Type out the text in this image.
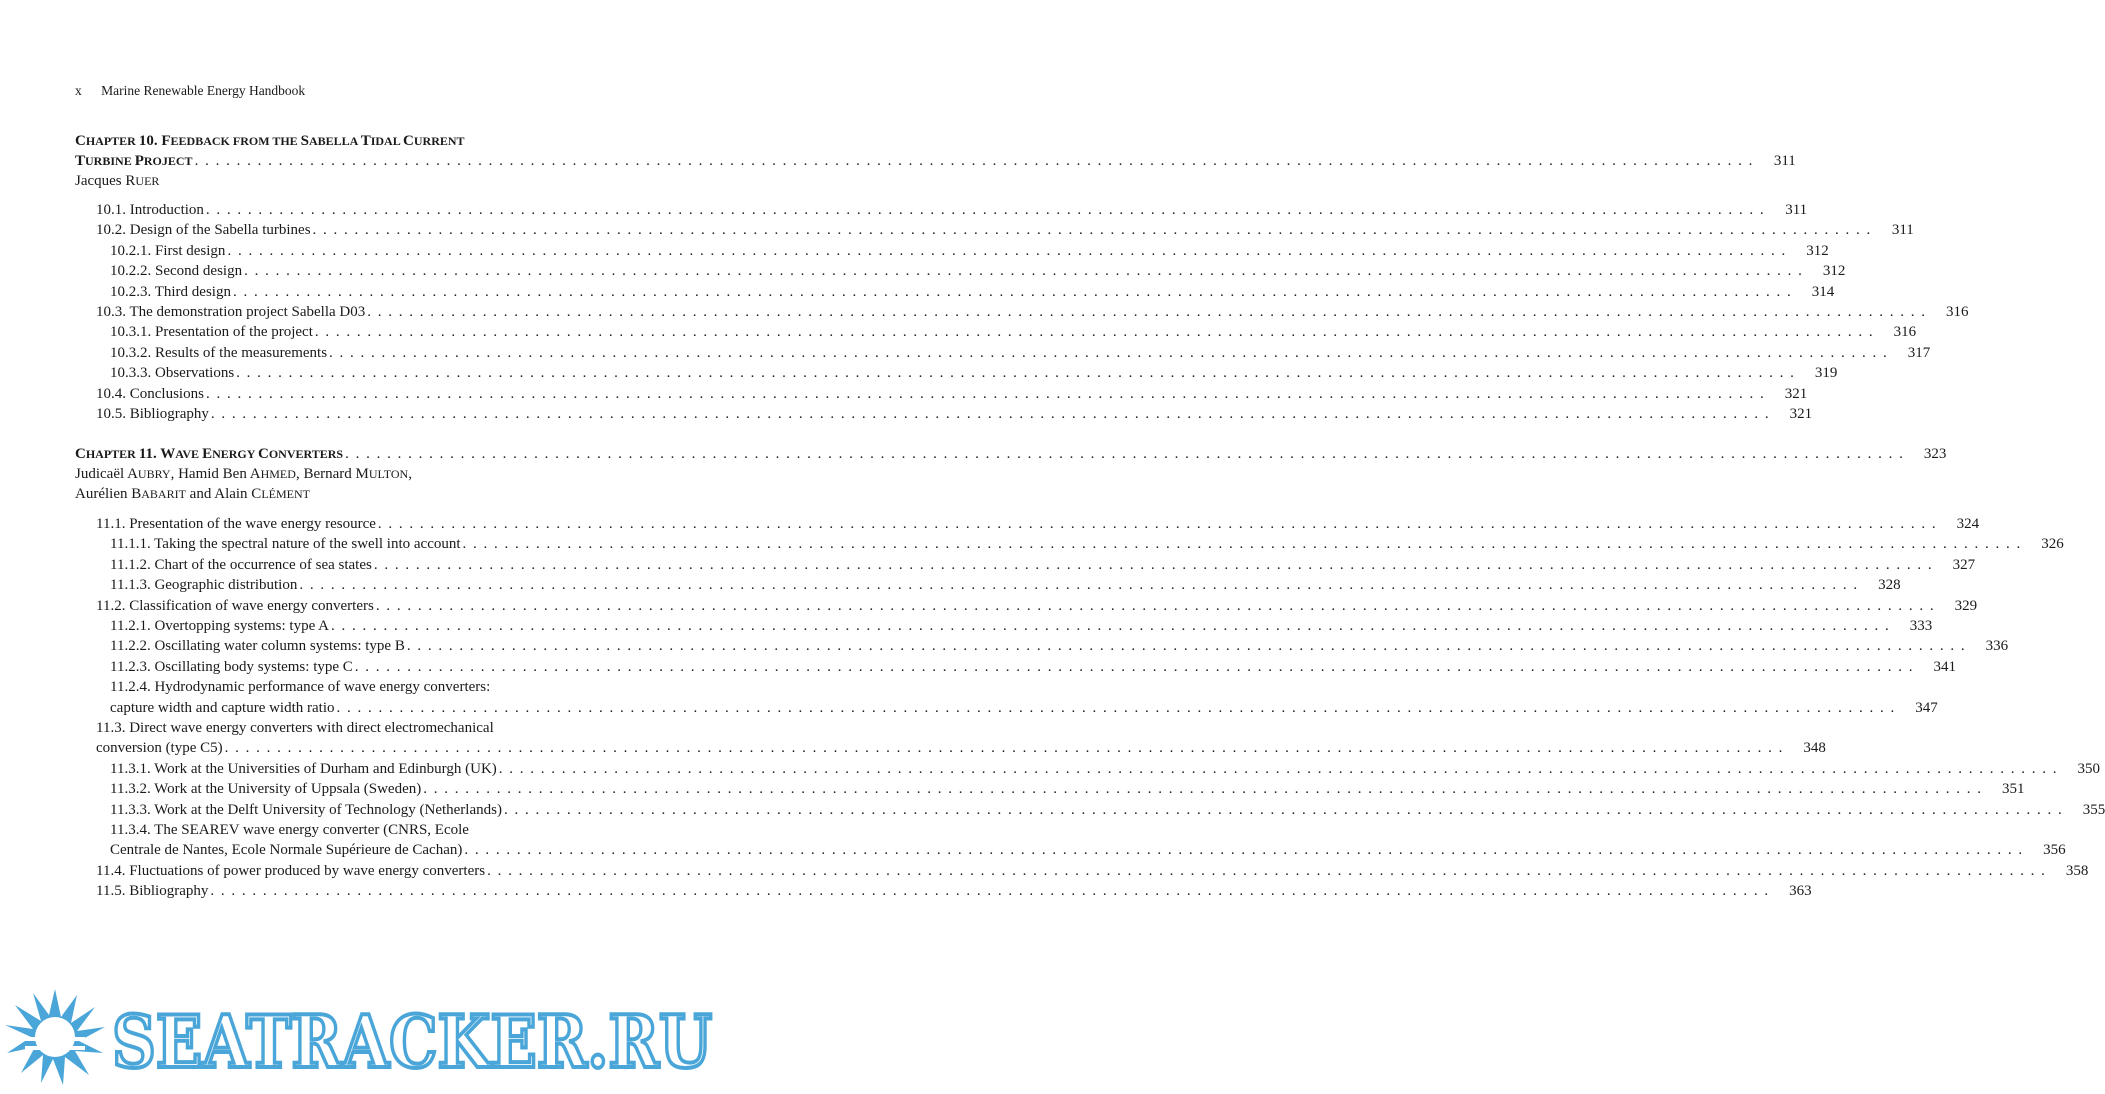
x Marine Renewable Energy Handbook
CHAPTER 10. FEEDBACK FROM THE SABELLA TIDAL CURRENT
TURBINE PROJECT . . .	311
Jacques RUER
10.1. Introduction . . .	311
10.2. Design of the Sabella turbines . . .	311
10.2.1. First design . . .	312
10.2.2. Second design . . .	312
10.2.3. Third design . . .	314
10.3. The demonstration project Sabella D03 . . .	316
10.3.1. Presentation of the project . . .	316
10.3.2. Results of the measurements . . .	317
10.3.3. Observations . . .	319
10.4. Conclusions . . .	321
10.5. Bibliography . . .	321
CHAPTER 11. WAVE ENERGY CONVERTERS . . .	323
Judicaël AUBRY, Hamid Ben AHMED, Bernard MULTON,
Aurélien BABARIT and Alain CLÉMENT
11.1. Presentation of the wave energy resource . . .	324
11.1.1. Taking the spectral nature of the swell into account . . .	326
11.1.2. Chart of the occurrence of sea states . . .	327
11.1.3. Geographic distribution . . .	328
11.2. Classification of wave energy converters . . .	329
11.2.1. Overtopping systems: type A . . .	333
11.2.2. Oscillating water column systems: type B . . .	336
11.2.3. Oscillating body systems: type C . . .	341
11.2.4. Hydrodynamic performance of wave energy converters:
capture width and capture width ratio . . .	347
11.3. Direct wave energy converters with direct electromechanical
conversion (type C5) . . .	348
11.3.1. Work at the Universities of Durham and Edinburgh (UK) . . .	350
11.3.2. Work at the University of Uppsala (Sweden) . . .	351
11.3.3. Work at the Delft University of Technology (Netherlands) . . .	355
11.3.4. The SEAREV wave energy converter (CNRS, Ecole
Centrale de Nantes, Ecole Normale Supérieure de Cachan) . . .	356
11.4. Fluctuations of power produced by wave energy converters . . .	358
11.5. Bibliography . . .	363
SEATRACKER.RU
